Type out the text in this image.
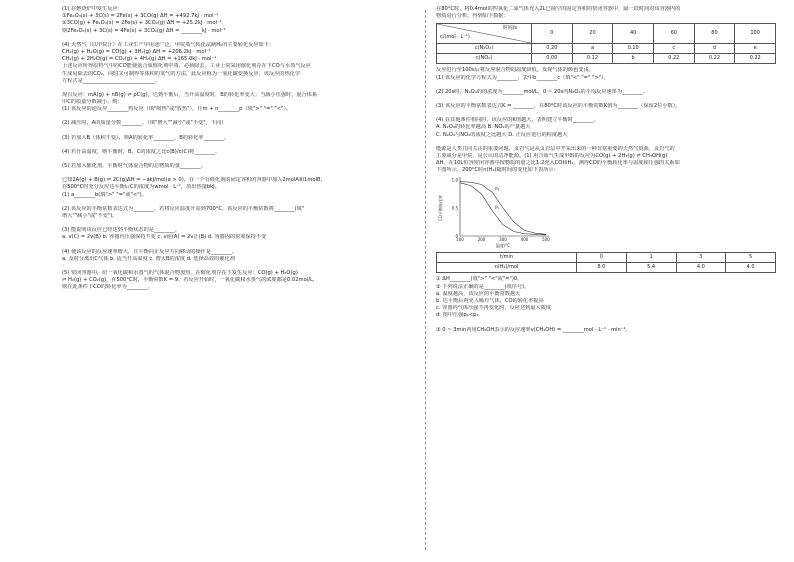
(1) 在燃烧炉中发生反应：
①Fe₂O₃(s) + 3C(s) = 2Fe(s) + 3CO(g) ΔH = +492.7kJ · mol⁻¹
②3CO(g) + Fe₂O₃(s) = 2Fe(s) + 3CO₂(g) ΔH = +25.2kJ · mol⁻¹
则2Fe₂O₃(s) + 3C(s) = 4Fe(s) + 3CO₂(g) ΔH = ________kJ · mol⁻¹
(4) 天然气（以甲烷计）在工业生产中用途广泛。甲烷蒸气转化法制H₂的主要转化反应如下：
CH₄(g) + H₂O(g) = CO(g) + 3H₂(g) ΔH = +206.2kJ · mol⁻¹
CH₄(g) + 2H₂O(g) = CO₂(g) + 4H₂(g) ΔH = +165.0kJ · mol⁻¹
上述反应所得原料气中的CO能使氨合成催化剂中毒，必须除去。工业上常采用催化剂存在下CO与水蒸气反应
生成易除去的CO₂，同时又可制得等体积的氢气的方法，此反应称为一氧化碳变换反应，该反应的热化学
方程式是____________________________。
现有反应：mA(g) + nB(g) ⇌ pC(g)，达到平衡后，当升高温度时，B的转化率变大；当减小压强时，混合体系
中C的质量分数减小，则：
(1) 该反应的逆反应________热反应（填"吸热"或"放热"），且m + n________p（填">" "=" "<"）。
(2) 减压时，A的质量分数________。（填"增大""减小"或"不变"，下同）
(3) 若加入B（体积不变），则A的转化率________，B的转化率________。
(4) 若升高温度，则平衡时，B、C的浓度之比c(B)/c(C)将________。
(5) 若加入催化剂，平衡时气体混合物的总物质的量________。
已知2A(g) + B(g) ⇌ 2C(g)ΔH = −akJ/mol(a > 0)，在一个有催化剂的固定容积的容器中加入2molA和1molB，
在500°C时充分反应达平衡后C的浓度为wmol · L⁻¹，放出热量bkJ。
(1) a________b(填">" "="或"<")。
(2) 该反应的平衡常数表达式为________，若将反应温度升高到700°C，该反应的平衡常数将________(填"
增大""减小"或"不变")。
(3) 能说明该反应已经达到平衡状态的是________。
a. v(C) = 2v(B) b. 容器内压强保持不变 c. v逆(A) = 2v正(B) d. 容器内的密度保持不变
(4) 使该反应的反应速率增大，且平衡向正反应方向移动的操作是________。
a. 及时分离出C气体 b. 适当升高温度 c. 增大B的浓度 d. 选择高效的催化剂
(5) 密闭容器中，给一氧化碳和水蒸气的气体混合物加热，在催化剂存在下发生反应：CO(g) + H₂O(g)
⇌ H₂(g) + CO₂(g)，在500°C时，平衡常数K = 9。若反应开始时，一氧化碳和水蒸气的浓度都是0.02mol/L，
则在此条件下CO的转化率为________。
在80°C时，将0.4mol的四氧化二氮气体充入2L已抽空的固定容积的密闭容器中，隔一段时间对该容器内的
物质进行分析，得到如下数据：
时间/s
c/(mol · L⁻¹)	0	20	40	60	80	100
c(N₂O₄)	0.20	a	0.10	c	d	e
c(NO₂)	0.00	0.12	b	0.22	0.22	0.22
反应进行至100s后将反应混合物的温度降低，发现气体的颜色变浅。
(1) 该反应的化学方程式为________，表中b________c（填"<" "=" ">"）。
(2) 20s时，N₂O₄的的浓度为________mol/L，0 ~ 20s内N₂O₄的平均反应速率为________。
(3) 该反应的平衡常数表达式K = ________，在80°C时该反应的平衡常数K值为________（保留2位小数）。
(4) 在其他条件相同时，该反应的K值越大，表明建立平衡时________。
A. N₂O₄的转化率越高 B. NO₂的产量越大
C. N₂O₄与NO₂的浓度之比越大 D. 正反应进行的程度越大
能源是人类共同关注的重要问题。页岩气是从页岩层中开采出来的一种非常重要的天然气资源，页岩气的
主要成分是甲烷，是公认的洁净能源。(1) 用合成气生成甲醇的反应为CO(g) + 2H₂(g) ⇌ CH₃OH(g)
ΔH，在10L恒容密闭容器中按物质的量之比1:2充入CO和H₂，测得CO的平衡转化率与温度和压强的关系如
下图所示，200°C时n(H₂)随时间的变化如下表所示：
100	200	300	400	500
0
0.5
1.0
温度/°C
CO平衡转化率
P₂
P₁
t/min	0	1	3	5
n(H₂)/mol	8.0	5.4	4.0	4.0
① ΔH________(填">" "<"或"=")0。
② 下列说法正确的是________(填序号)。
a. 温度越高，该反应的平衡常数越大
b. 达平衡后再充入稀有气体，CO的转化率提高
c. 容器内气体压强不再变化时，反应达到最大限度
d. 图中压强p₁<p₂
③ 0 ~ 3min内用CH₃OH表示的反应速率v(CH₃OH) = ________mol · L⁻¹ · min⁻¹。
